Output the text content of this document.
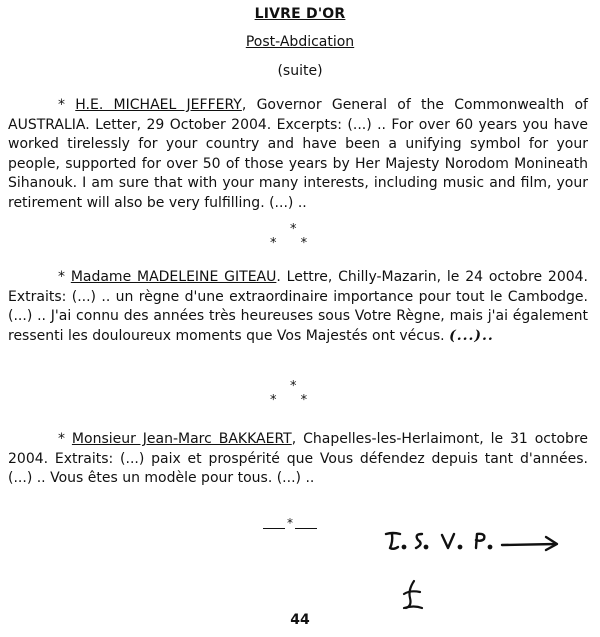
LIVRE D'OR
Post-Abdication
(suite)
* H.E. MICHAEL JEFFERY, Governor General of the Commonwealth of AUSTRALIA. Letter, 29 October 2004. Excerpts: (...) .. For over 60 years you have worked tirelessly for your country and have been a unifying symbol for your people, supported for over 50 of those years by Her Majesty Norodom Monineath Sihanouk. I am sure that with your many interests, including music and film, your retirement will also be very fulfilling. (...) ..
*
* *
* Madame MADELEINE GITEAU. Lettre, Chilly-Mazarin, le 24 octobre 2004. Extraits: (...) .. un règne d'une extraordinaire importance pour tout le Cambodge. (...) .. J'ai connu des années très heureuses sous Votre Règne, mais j'ai également ressenti les douloureux moments que Vos Majestés ont vécus. (...)..
*
* *
* Monsieur Jean-Marc BAKKAERT, Chapelles-les-Herlaimont, le 31 octobre 2004. Extraits: (...) paix et prospérité que Vous défendez depuis tant d'années. (...) .. Vous êtes un modèle pour tous. (...) ..
*
44
